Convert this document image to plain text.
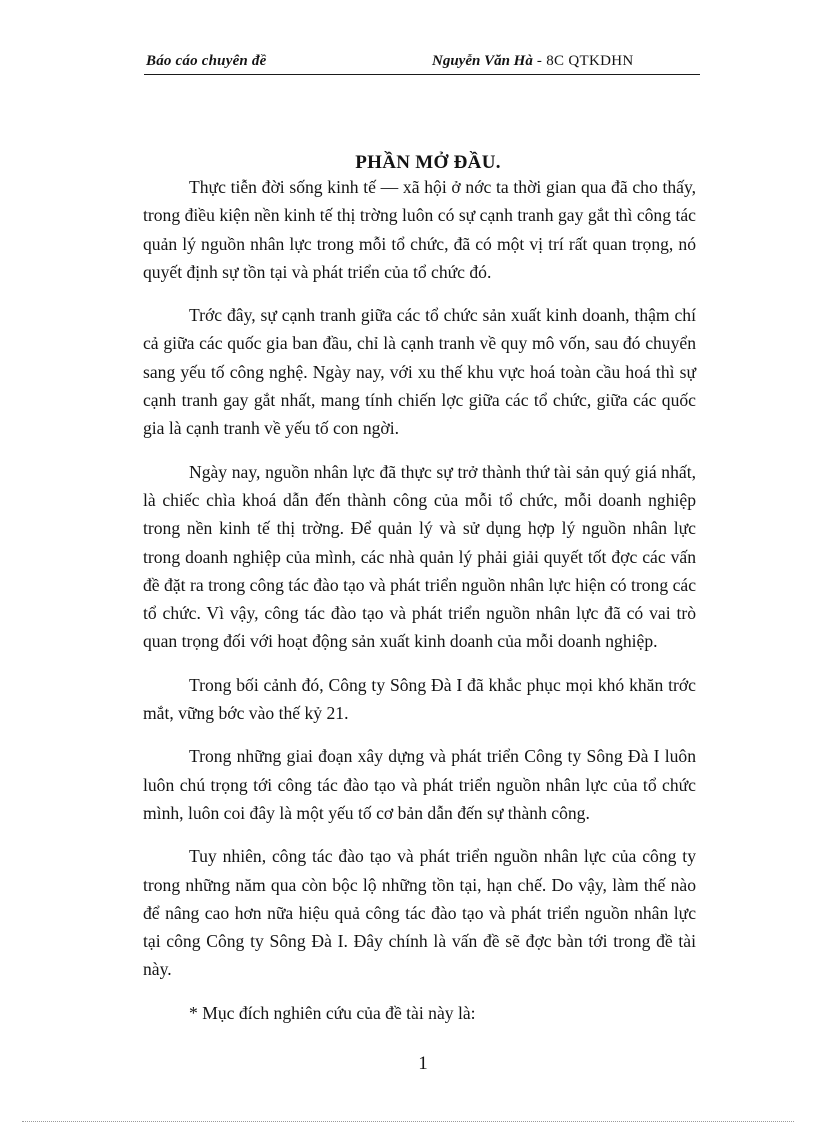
Báo cáo chuyên đề	Nguyễn Văn Hà - 8C QTKDHN
PHẦN MỞ ĐẦU.

Thực tiễn đời sống kinh tế — xã hội ở nớc ta thời gian qua đã cho thấy, trong điều kiện nền kinh tế thị trờng luôn có sự cạnh tranh gay gắt thì công tác quản lý nguồn nhân lực trong mỗi tổ chức, đã có một vị trí rất quan trọng, nó quyết định sự tồn tại và phát triển của tổ chức đó.

Trớc đây, sự cạnh tranh giữa các tổ chức sản xuất kinh doanh, thậm chí cả giữa các quốc gia ban đầu, chỉ là cạnh tranh về quy mô vốn, sau đó chuyển sang yếu tố công nghệ. Ngày nay, với xu thế khu vực hoá toàn cầu hoá thì sự cạnh tranh gay gắt nhất, mang tính chiến lợc giữa các tổ chức, giữa các quốc gia là cạnh tranh về yếu tố con ngời.

Ngày nay, nguồn nhân lực đã thực sự trở thành thứ tài sản quý giá nhất, là chiếc chìa khoá dẫn đến thành công của mỗi tổ chức, mỗi doanh nghiệp trong nền kinh tế thị trờng. Để quản lý và sử dụng hợp lý nguồn nhân lực trong doanh nghiệp của mình, các nhà quản lý phải giải quyết tốt đợc các vấn đề đặt ra trong công tác đào tạo và phát triển nguồn nhân lực hiện có trong các tổ chức. Vì vậy, công tác đào tạo và phát triển nguồn nhân lực đã có vai trò quan trọng đối với hoạt động sản xuất kinh doanh của mỗi doanh nghiệp.

Trong bối cảnh đó, Công ty Sông Đà I đã khắc phục mọi khó khăn trớc mắt, vững bớc vào thế kỷ 21.

Trong những giai đoạn xây dựng và phát triển Công ty Sông Đà I luôn luôn chú trọng tới công tác đào tạo và phát triển nguồn nhân lực của tổ chức mình, luôn coi đây là một yếu tố cơ bản dẫn đến sự thành công.

Tuy nhiên, công tác đào tạo và phát triển nguồn nhân lực của công ty trong những năm qua còn bộc lộ những tồn tại, hạn chế. Do vậy, làm thế nào để nâng cao hơn nữa hiệu quả công tác đào tạo và phát triển nguồn nhân lực tại công Công ty Sông Đà I. Đây chính là vấn đề sẽ đợc bàn tới trong đề tài này.

* Mục đích nghiên cứu của đề tài này là:

1
